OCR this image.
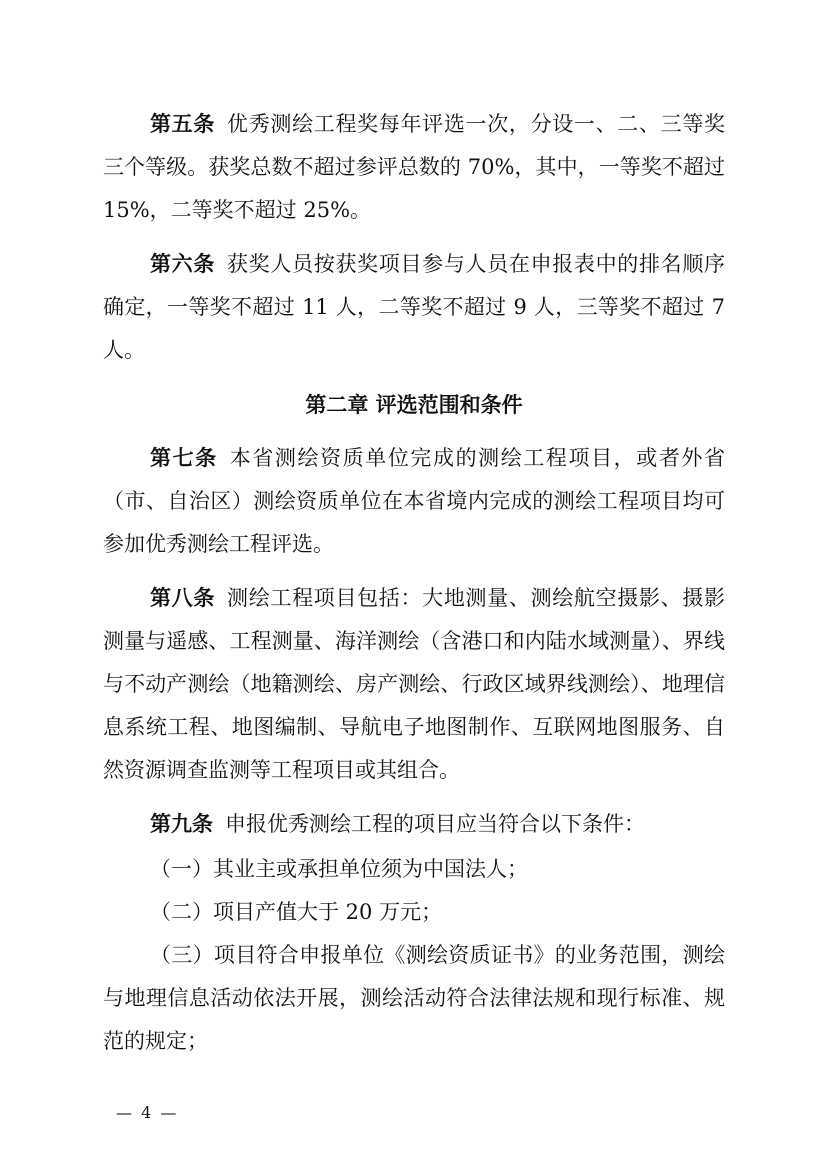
第五条 优秀测绘工程奖每年评选一次，分设一、二、三等奖三个等级。获奖总数不超过参评总数的 70%，其中，一等奖不超过 15%，二等奖不超过 25%。

第六条 获奖人员按获奖项目参与人员在申报表中的排名顺序确定，一等奖不超过 11 人，二等奖不超过 9 人，三等奖不超过 7 人。

第二章 评选范围和条件

第七条 本省测绘资质单位完成的测绘工程项目，或者外省（市、自治区）测绘资质单位在本省境内完成的测绘工程项目均可参加优秀测绘工程评选。

第八条 测绘工程项目包括：大地测量、测绘航空摄影、摄影测量与遥感、工程测量、海洋测绘（含港口和内陆水域测量）、界线与不动产测绘（地籍测绘、房产测绘、行政区域界线测绘）、地理信息系统工程、地图编制、导航电子地图制作、互联网地图服务、自然资源调查监测等工程项目或其组合。

第九条 申报优秀测绘工程的项目应当符合以下条件：

（一）其业主或承担单位须为中国法人；

（二）项目产值大于 20 万元；

（三）项目符合申报单位《测绘资质证书》的业务范围，测绘与地理信息活动依法开展，测绘活动符合法律法规和现行标准、规范的规定；

— 4 —
